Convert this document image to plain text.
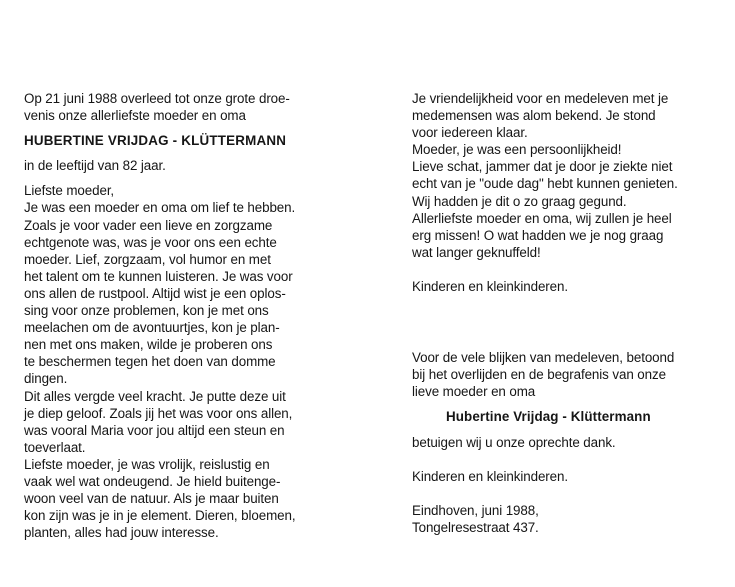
Op 21 juni 1988 overleed tot onze grote droe-
venis onze allerliefste moeder en oma
HUBERTINE VRIJDAG - KLÜTTERMANN
in de leeftijd van 82 jaar.
Liefste moeder,
Je was een moeder en oma om lief te hebben.
Zoals je voor vader een lieve en zorgzame
echtgenote was, was je voor ons een echte
moeder. Lief, zorgzaam, vol humor en met
het talent om te kunnen luisteren. Je was voor
ons allen de rustpool. Altijd wist je een oplos-
sing voor onze problemen, kon je met ons
meelachen om de avontuurtjes, kon je plan-
nen met ons maken, wilde je proberen ons
te beschermen tegen het doen van domme
dingen.
Dit alles vergde veel kracht. Je putte deze uit
je diep geloof. Zoals jij het was voor ons allen,
was vooral Maria voor jou altijd een steun en
toeverlaat.
Liefste moeder, je was vrolijk, reislustig en
vaak wel wat ondeugend. Je hield buitenge-
woon veel van de natuur. Als je maar buiten
kon zijn was je in je element. Dieren, bloemen,
planten, alles had jouw interesse.
Je vriendelijkheid voor en medeleven met je
medemensen was alom bekend. Je stond
voor iedereen klaar.
Moeder, je was een persoonlijkheid!
Lieve schat, jammer dat je door je ziekte niet
echt van je "oude dag" hebt kunnen genieten.
Wij hadden je dit o zo graag gegund.
Allerliefste moeder en oma, wij zullen je heel
erg missen! O wat hadden we je nog graag
wat langer geknuffeld!
Kinderen en kleinkinderen.
Voor de vele blijken van medeleven, betoond
bij het overlijden en de begrafenis van onze
lieve moeder en oma
Hubertine Vrijdag - Klüttermann
betuigen wij u onze oprechte dank.
Kinderen en kleinkinderen.
Eindhoven, juni 1988,
Tongelresestraat 437.
